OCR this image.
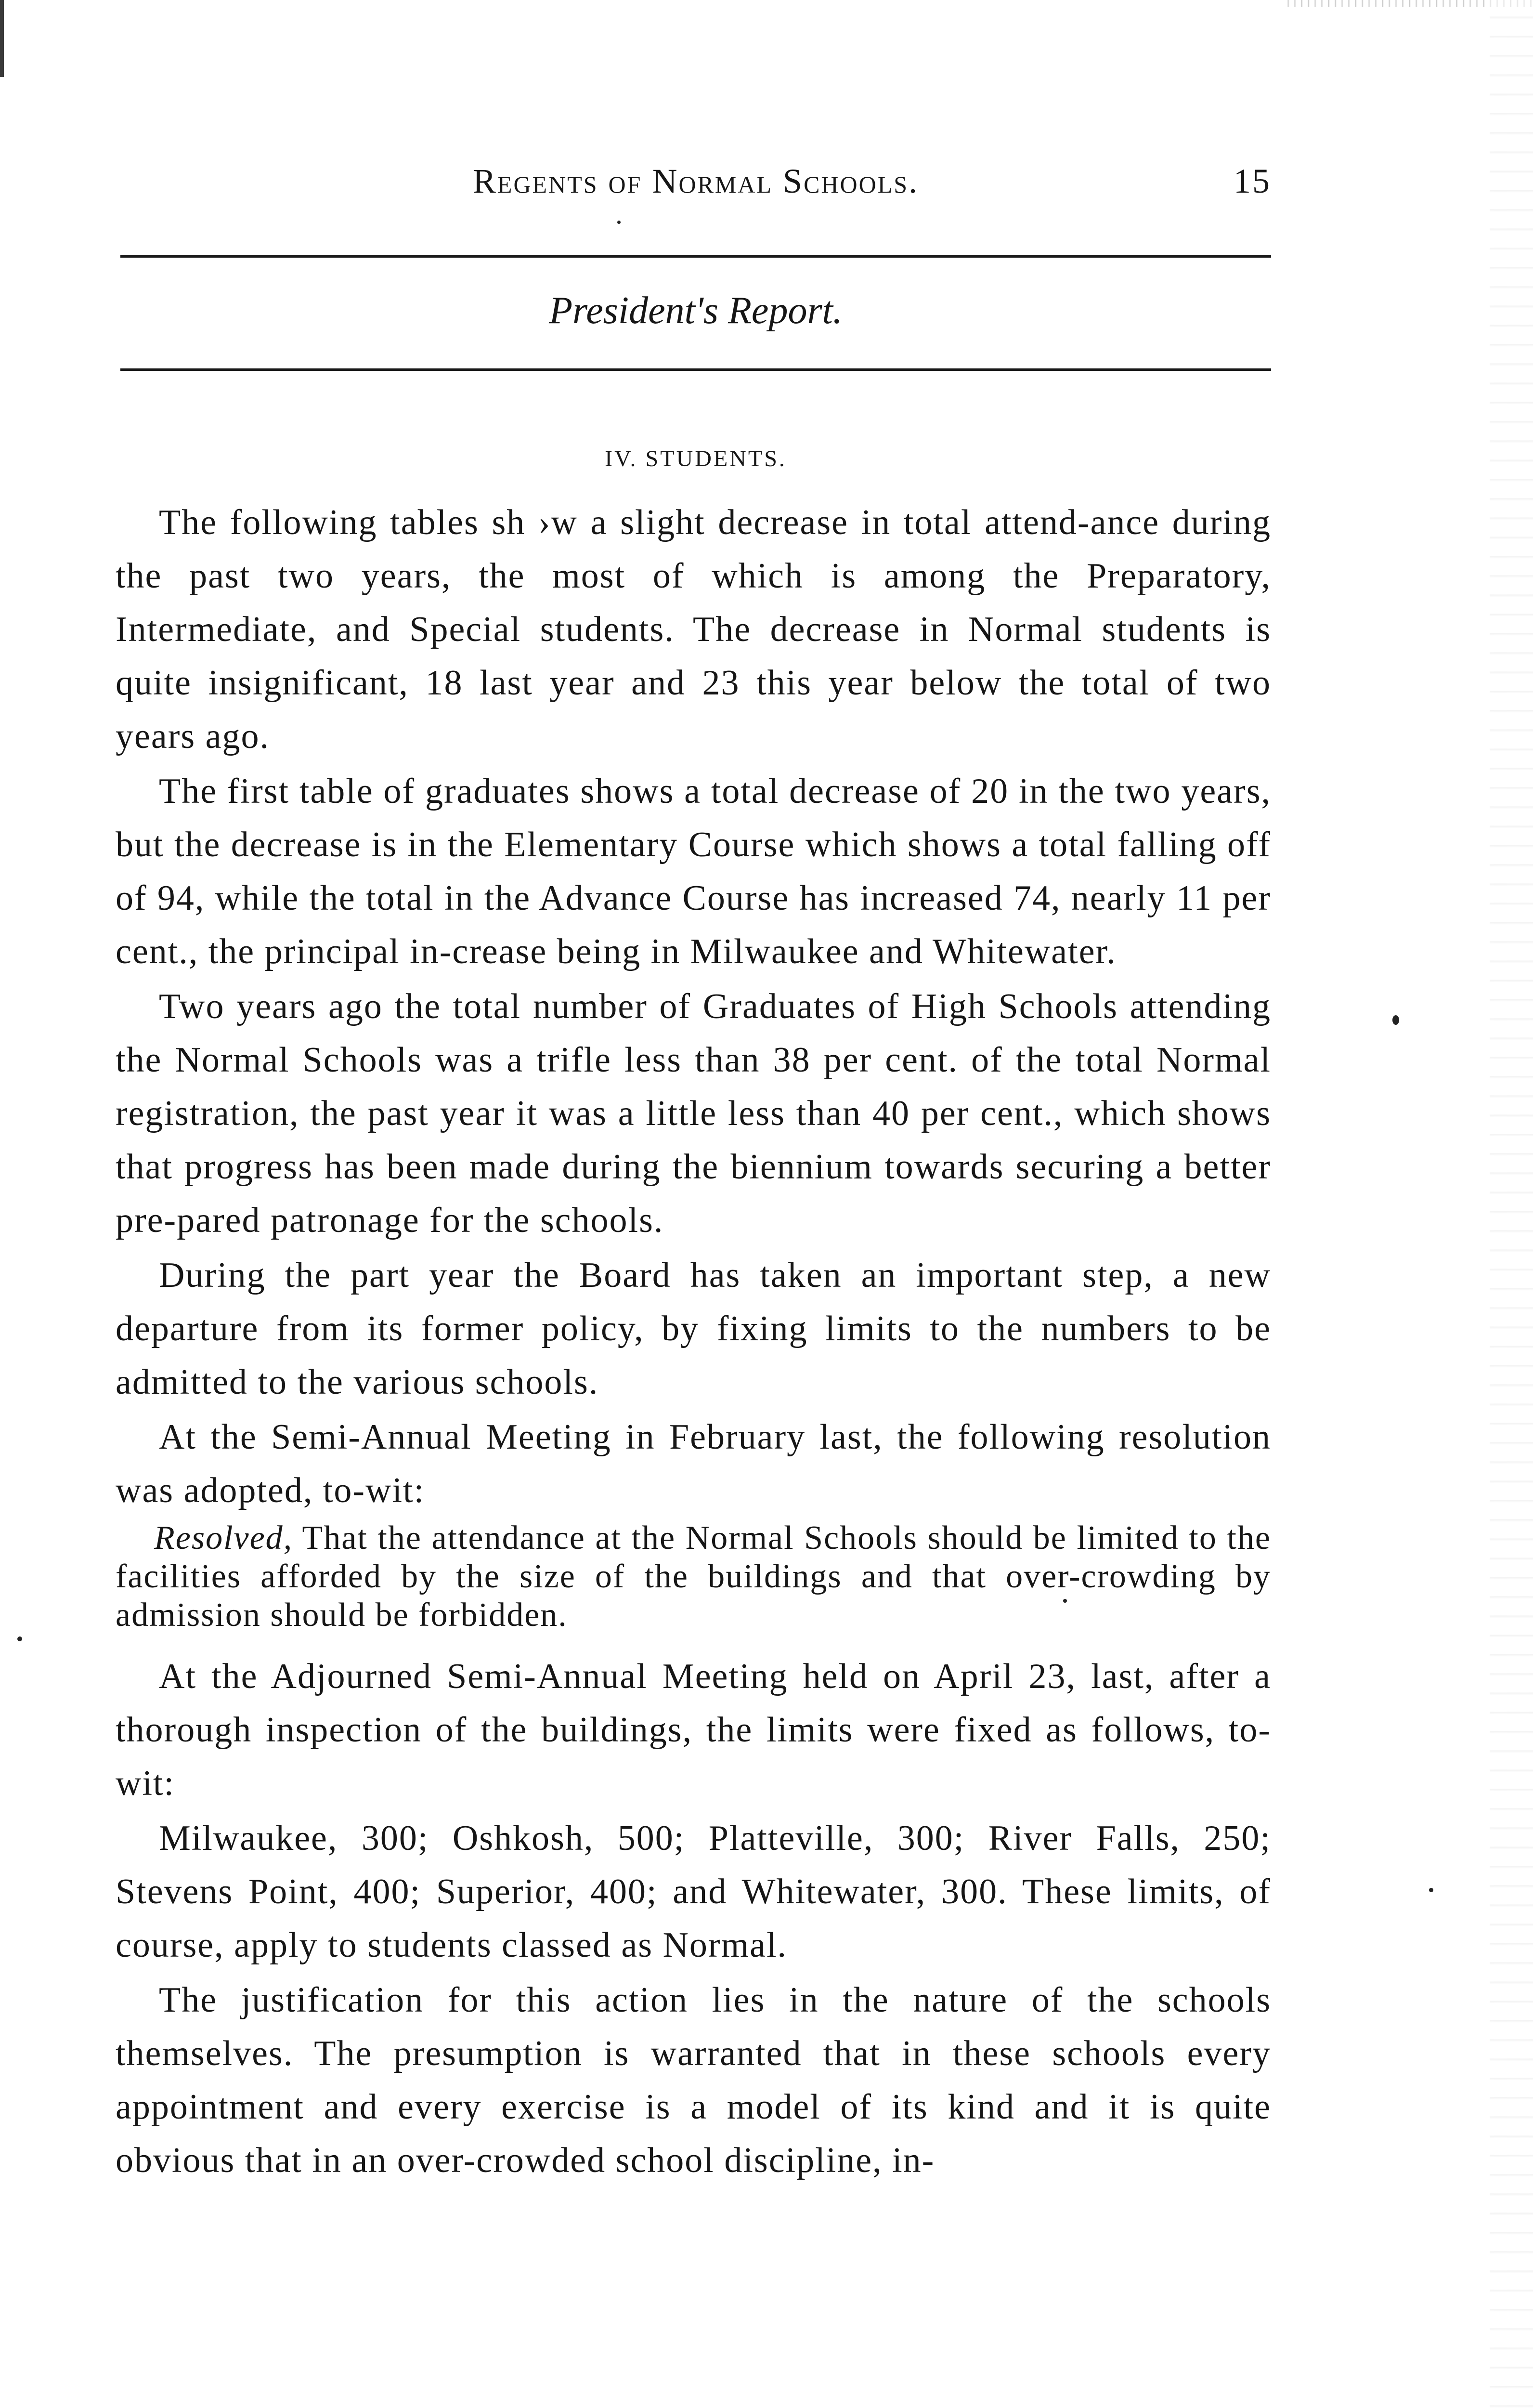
Regents of Normal Schools.	15
President's Report.
IV. STUDENTS.

The following tables sh ›w a slight decrease in total attend-ance during the past two years, the most of which is among the Preparatory, Intermediate, and Special students. The decrease in Normal students is quite insignificant, 18 last year and 23 this year below the total of two years ago.

The first table of graduates shows a total decrease of 20 in the two years, but the decrease is in the Elementary Course which shows a total falling off of 94, while the total in the Advance Course has increased 74, nearly 11 per cent., the principal in-crease being in Milwaukee and Whitewater.

Two years ago the total number of Graduates of High Schools attending the Normal Schools was a trifle less than 38 per cent. of the total Normal registration, the past year it was a little less than 40 per cent., which shows that progress has been made during the biennium towards securing a better pre-pared patronage for the schools.

During the part year the Board has taken an important step, a new departure from its former policy, by fixing limits to the numbers to be admitted to the various schools.

At the Semi-Annual Meeting in February last, the following resolution was adopted, to-wit:

Resolved, That the attendance at the Normal Schools should be limited to the facilities afforded by the size of the buildings and that over-crowding by admission should be forbidden.

At the Adjourned Semi-Annual Meeting held on April 23, last, after a thorough inspection of the buildings, the limits were fixed as follows, to-wit:

Milwaukee, 300; Oshkosh, 500; Platteville, 300; River Falls, 250; Stevens Point, 400; Superior, 400; and Whitewater, 300. These limits, of course, apply to students classed as Normal.

The justification for this action lies in the nature of the schools themselves. The presumption is warranted that in these schools every appointment and every exercise is a model of its kind and it is quite obvious that in an over-crowded school discipline, in-
